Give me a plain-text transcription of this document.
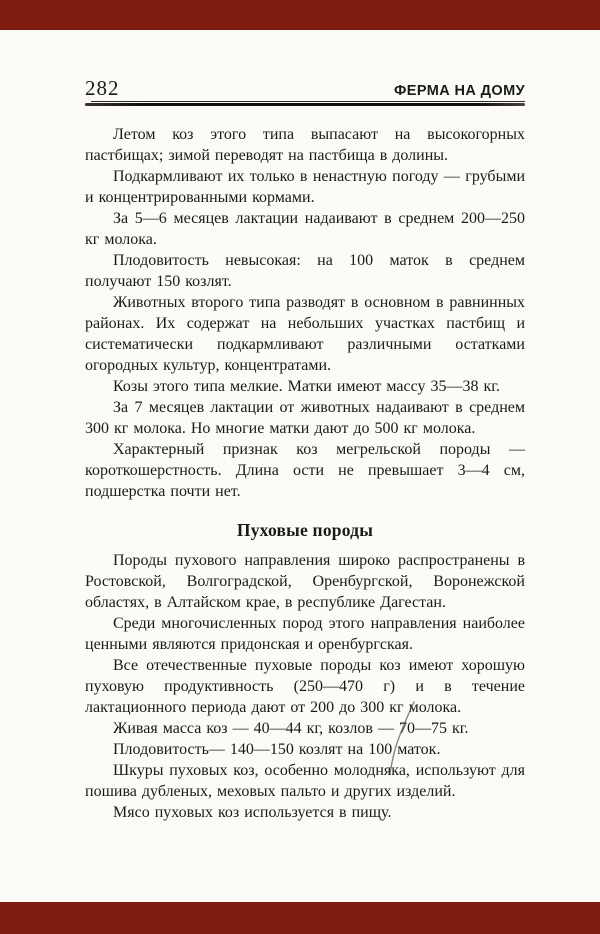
282	ФЕРМА НА ДОМУ

Летом коз этого типа выпасают на высокогорных пастбищах; зимой переводят на пастбища в долины.

Подкармливают их только в ненастную погоду — грубыми и концентрированными кормами.

За 5—6 месяцев лактации надаивают в среднем 200—250 кг молока.

Плодовитость невысокая: на 100 маток в среднем получают 150 козлят.

Животных второго типа разводят в основном в равнинных районах. Их содержат на небольших участках пастбищ и систематически подкармливают различными остатками огородных культур, концентратами.

Козы этого типа мелкие. Матки имеют массу 35—38 кг.

За 7 месяцев лактации от животных надаивают в среднем 300 кг молока. Но многие матки дают до 500 кг молока.

Характерный признак коз мегрельской породы — короткошерстность. Длина ости не превышает 3—4 см, подшерстка почти нет.

Пуховые породы

Породы пухового направления широко распространены в Ростовской, Волгоградской, Оренбургской, Воронежской областях, в Алтайском крае, в республике Дагестан.

Среди многочисленных пород этого направления наиболее ценными являются придонская и оренбургская.

Все отечественные пуховые породы коз имеют хорошую пуховую продуктивность (250—470 г) и в течение лактационного периода дают от 200 до 300 кг молока.

Живая масса коз — 40—44 кг, козлов — 70—75 кг.

Плодовитость— 140—150 козлят на 100 маток.

Шкуры пуховых коз, особенно молодняка, используют для пошива дубленых, меховых пальто и других изделий.

Мясо пуховых коз используется в пищу.
